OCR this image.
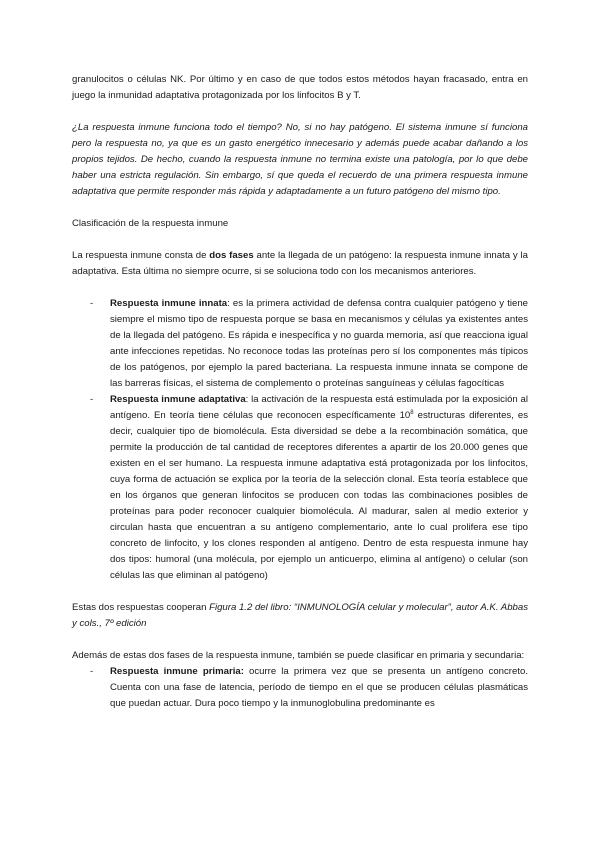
granulocitos o células NK. Por último y en caso de que todos estos métodos hayan fracasado, entra en juego la inmunidad adaptativa protagonizada por los linfocitos B y T.

¿La respuesta inmune funciona todo el tiempo? No, si no hay patógeno. El sistema inmune sí funciona pero la respuesta no, ya que es un gasto energético innecesario y además puede acabar dañando a los propios tejidos. De hecho, cuando la respuesta inmune no termina existe una patología, por lo que debe haber una estricta regulación. Sin embargo, sí que queda el recuerdo de una primera respuesta inmune adaptativa que permite responder más rápida y adaptadamente a un futuro patógeno del mismo tipo.

Clasificación de la respuesta inmune

La respuesta inmune consta de dos fases ante la llegada de un patógeno: la respuesta inmune innata y la adaptativa. Esta última no siempre ocurre, si se soluciona todo con los mecanismos anteriores.

- Respuesta inmune innata: es la primera actividad de defensa contra cualquier patógeno y tiene siempre el mismo tipo de respuesta porque se basa en mecanismos y células ya existentes antes de la llegada del patógeno. Es rápida e inespecífica y no guarda memoria, así que reacciona igual ante infecciones repetidas. No reconoce todas las proteínas pero sí los componentes más típicos de los patógenos, por ejemplo la pared bacteriana. La respuesta inmune innata se compone de las barreras físicas, el sistema de complemento o proteínas sanguíneas y células fagocíticas
- Respuesta inmune adaptativa: la activación de la respuesta está estimulada por la exposición al antígeno. En teoría tiene células que reconocen específicamente $10^8$ estructuras diferentes, es decir, cualquier tipo de biomolécula. Esta diversidad se debe a la recombinación somática, que permite la producción de tal cantidad de receptores diferentes a apartir de los 20.000 genes que existen en el ser humano. La respuesta inmune adaptativa está protagonizada por los linfocitos, cuya forma de actuación se explica por la teoría de la selección clonal. Esta teoría establece que en los órganos que generan linfocitos se producen con todas las combinaciones posibles de proteínas para poder reconocer cualquier biomolécula. Al madurar, salen al medio exterior y circulan hasta que encuentran a su antígeno complementario, ante lo cual prolifera ese tipo concreto de linfocito, y los clones responden al antígeno. Dentro de esta respuesta inmune hay dos tipos: humoral (una molécula, por ejemplo un anticuerpo, elimina al antígeno) o celular (son células las que eliminan al patógeno)

Estas dos respuestas cooperan Figura 1.2 del libro: “INMUNOLOGÍA celular y molecular”, autor A.K. Abbas y cols., 7º edición

Además de estas dos fases de la respuesta inmune, también se puede clasificar en primaria y secundaria:

- Respuesta inmune primaria: ocurre la primera vez que se presenta un antígeno concreto. Cuenta con una fase de latencia, período de tiempo en el que se producen células plasmáticas que puedan actuar. Dura poco tiempo y la inmunoglobulina predominante es
